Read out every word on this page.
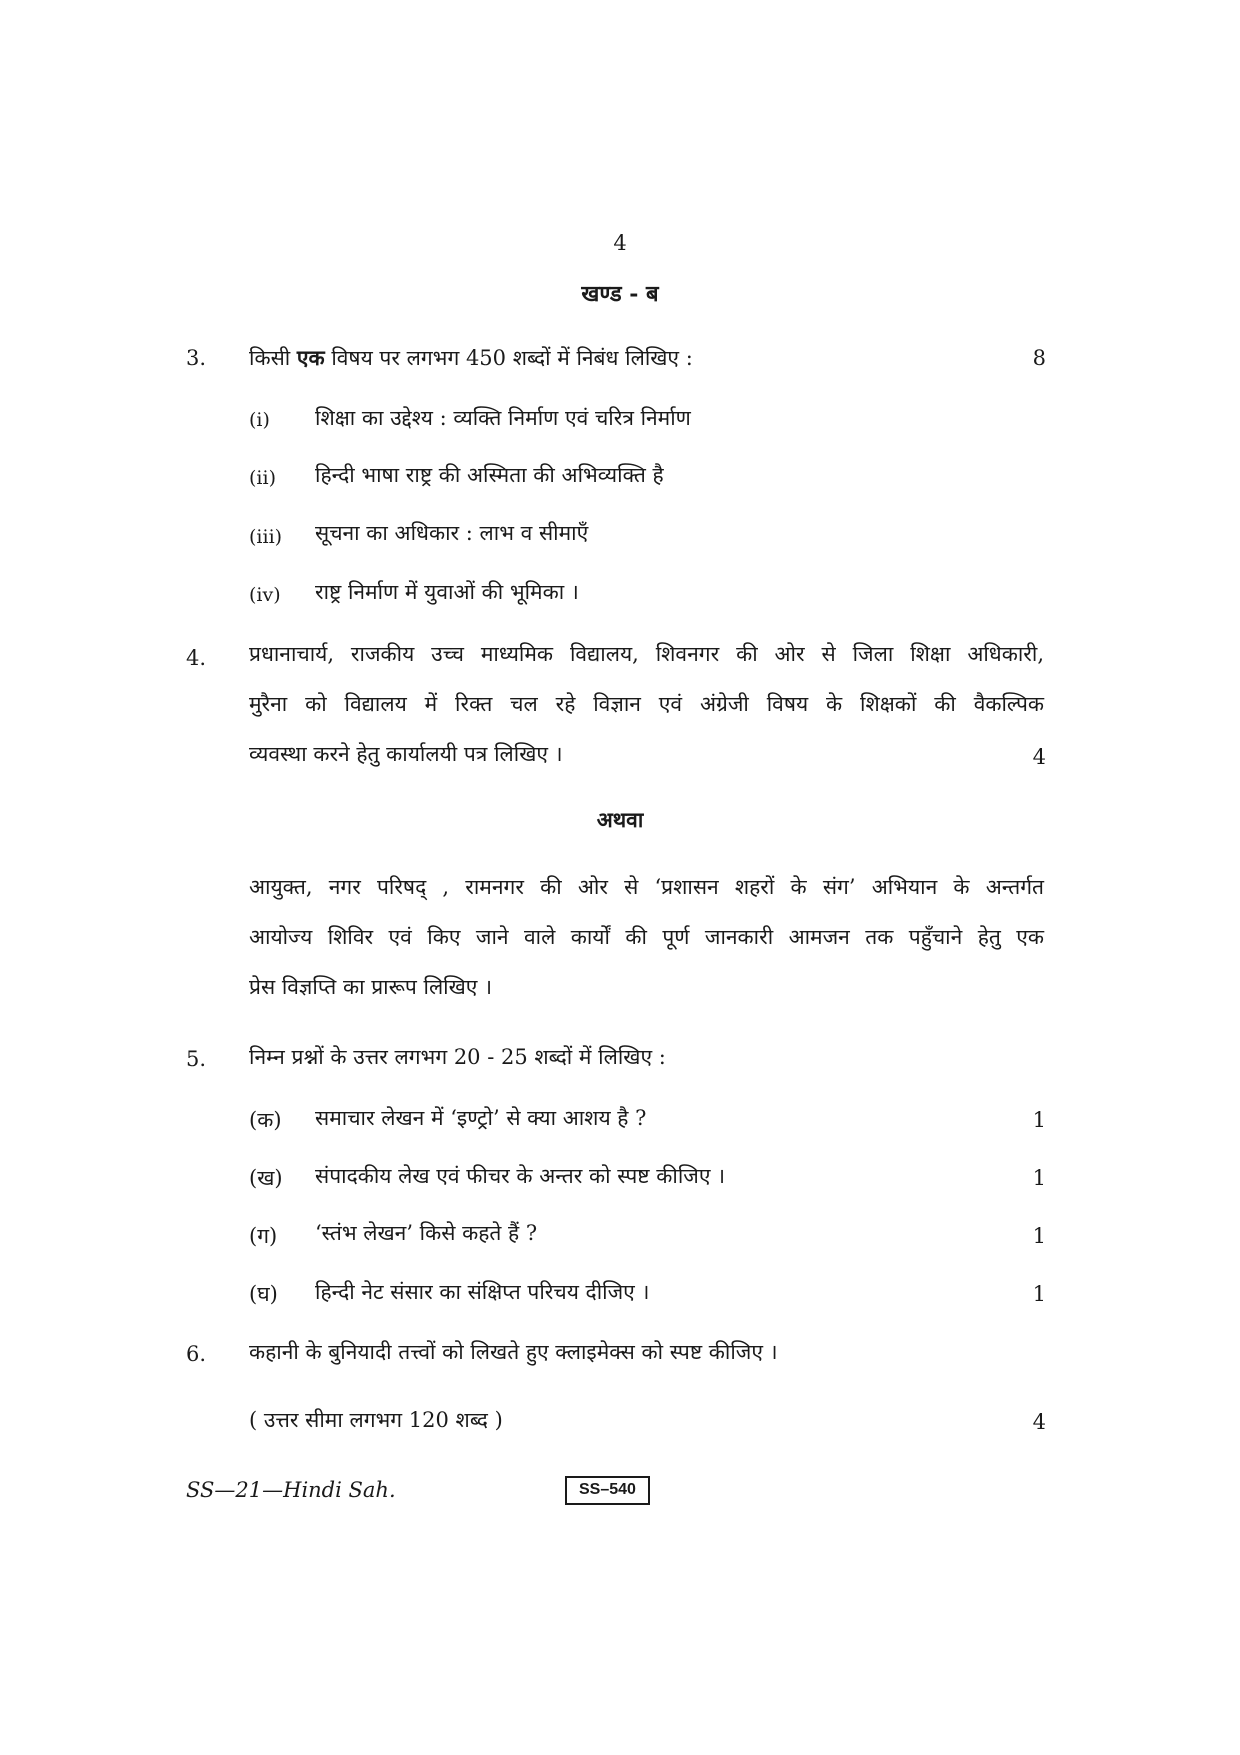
4
खण्ड - ब
3. किसी एक विषय पर लगभग 450 शब्दों में निबंध लिखिए :	8
(i) शिक्षा का उद्देश्य : व्यक्ति निर्माण एवं चरित्र निर्माण
(ii) हिन्दी भाषा राष्ट्र की अस्मिता की अभिव्यक्ति है
(iii) सूचना का अधिकार : लाभ व सीमाएँ
(iv) राष्ट्र निर्माण में युवाओं की भूमिका ।
4. प्रधानाचार्य, राजकीय उच्च माध्यमिक विद्यालय, शिवनगर की ओर से जिला शिक्षा अधिकारी,
मुरैना को विद्यालय में रिक्त चल रहे विज्ञान एवं अंग्रेजी विषय के शिक्षकों की वैकल्पिक
व्यवस्था करने हेतु कार्यालयी पत्र लिखिए ।	4
अथवा
आयुक्त, नगर परिषद् , रामनगर की ओर से ‘प्रशासन शहरों के संग’ अभियान के अन्तर्गत
आयोज्य शिविर एवं किए जाने वाले कार्यों की पूर्ण जानकारी आमजन तक पहुँचाने हेतु एक
प्रेस विज्ञप्ति का प्रारूप लिखिए ।
5. निम्न प्रश्नों के उत्तर लगभग 20 - 25 शब्दों में लिखिए :
(क) समाचार लेखन में ‘इण्ट्रो’ से क्या आशय है ?	1
(ख) संपादकीय लेख एवं फीचर के अन्तर को स्पष्ट कीजिए ।	1
(ग) ‘स्तंभ लेखन’ किसे कहते हैं ?	1
(घ) हिन्दी नेट संसार का संक्षिप्त परिचय दीजिए ।	1
6. कहानी के बुनियादी तत्त्वों को लिखते हुए क्लाइमेक्स को स्पष्ट कीजिए ।
( उत्तर सीमा लगभग 120 शब्द )	4
SS—21—Hindi Sah.	SS–540
